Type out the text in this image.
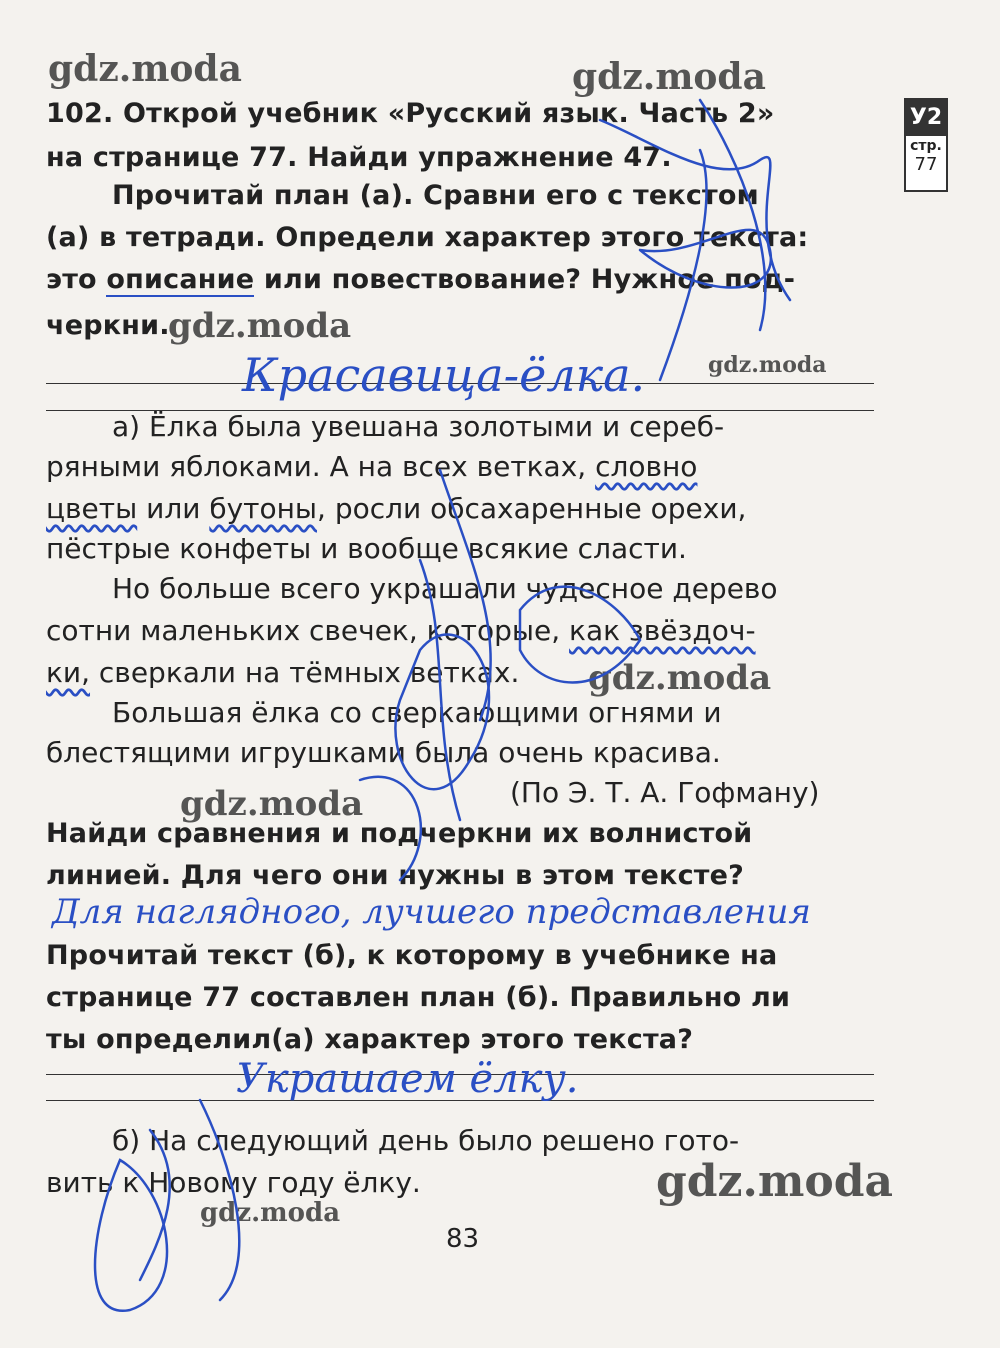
gdz.moda	gdz.moda
gdz.moda
gdz.moda
gdz.moda
gdz.moda
gdz.moda
gdz.moda
У2
стр.
77
102. Открой учебник «Русский язык. Часть 2»
на странице 77. Найди упражнение 47.
Прочитай план (а). Сравни его с текстом
(а) в тетради. Определи характер этого текста:
это описание или повествование? Нужное под-
черкни.
Красавица-ёлка.
а) Ёлка была увешана золотыми и сереб-
ряными яблоками. А на всех ветках, словно
цветы или бутоны, росли обсахаренные орехи,
пёстрые конфеты и вообще всякие сласти.
Но больше всего украшали чудесное дерево
сотни маленьких свечек, которые, как звёздоч-
ки, сверкали на тёмных ветках.
Большая ёлка со сверкающими огнями и
блестящими игрушками была очень красива.
(По Э. Т. А. Гофману)
Найди сравнения и подчеркни их волнистой
линией. Для чего они нужны в этом тексте?
Для наглядного, лучшего представления
Прочитай текст (б), к которому в учебнике на
странице 77 составлен план (б). Правильно ли
ты определил(а) характер этого текста?
Украшаем ёлку.
б) На следующий день было решено гото-
вить к Новому году ёлку.
83
